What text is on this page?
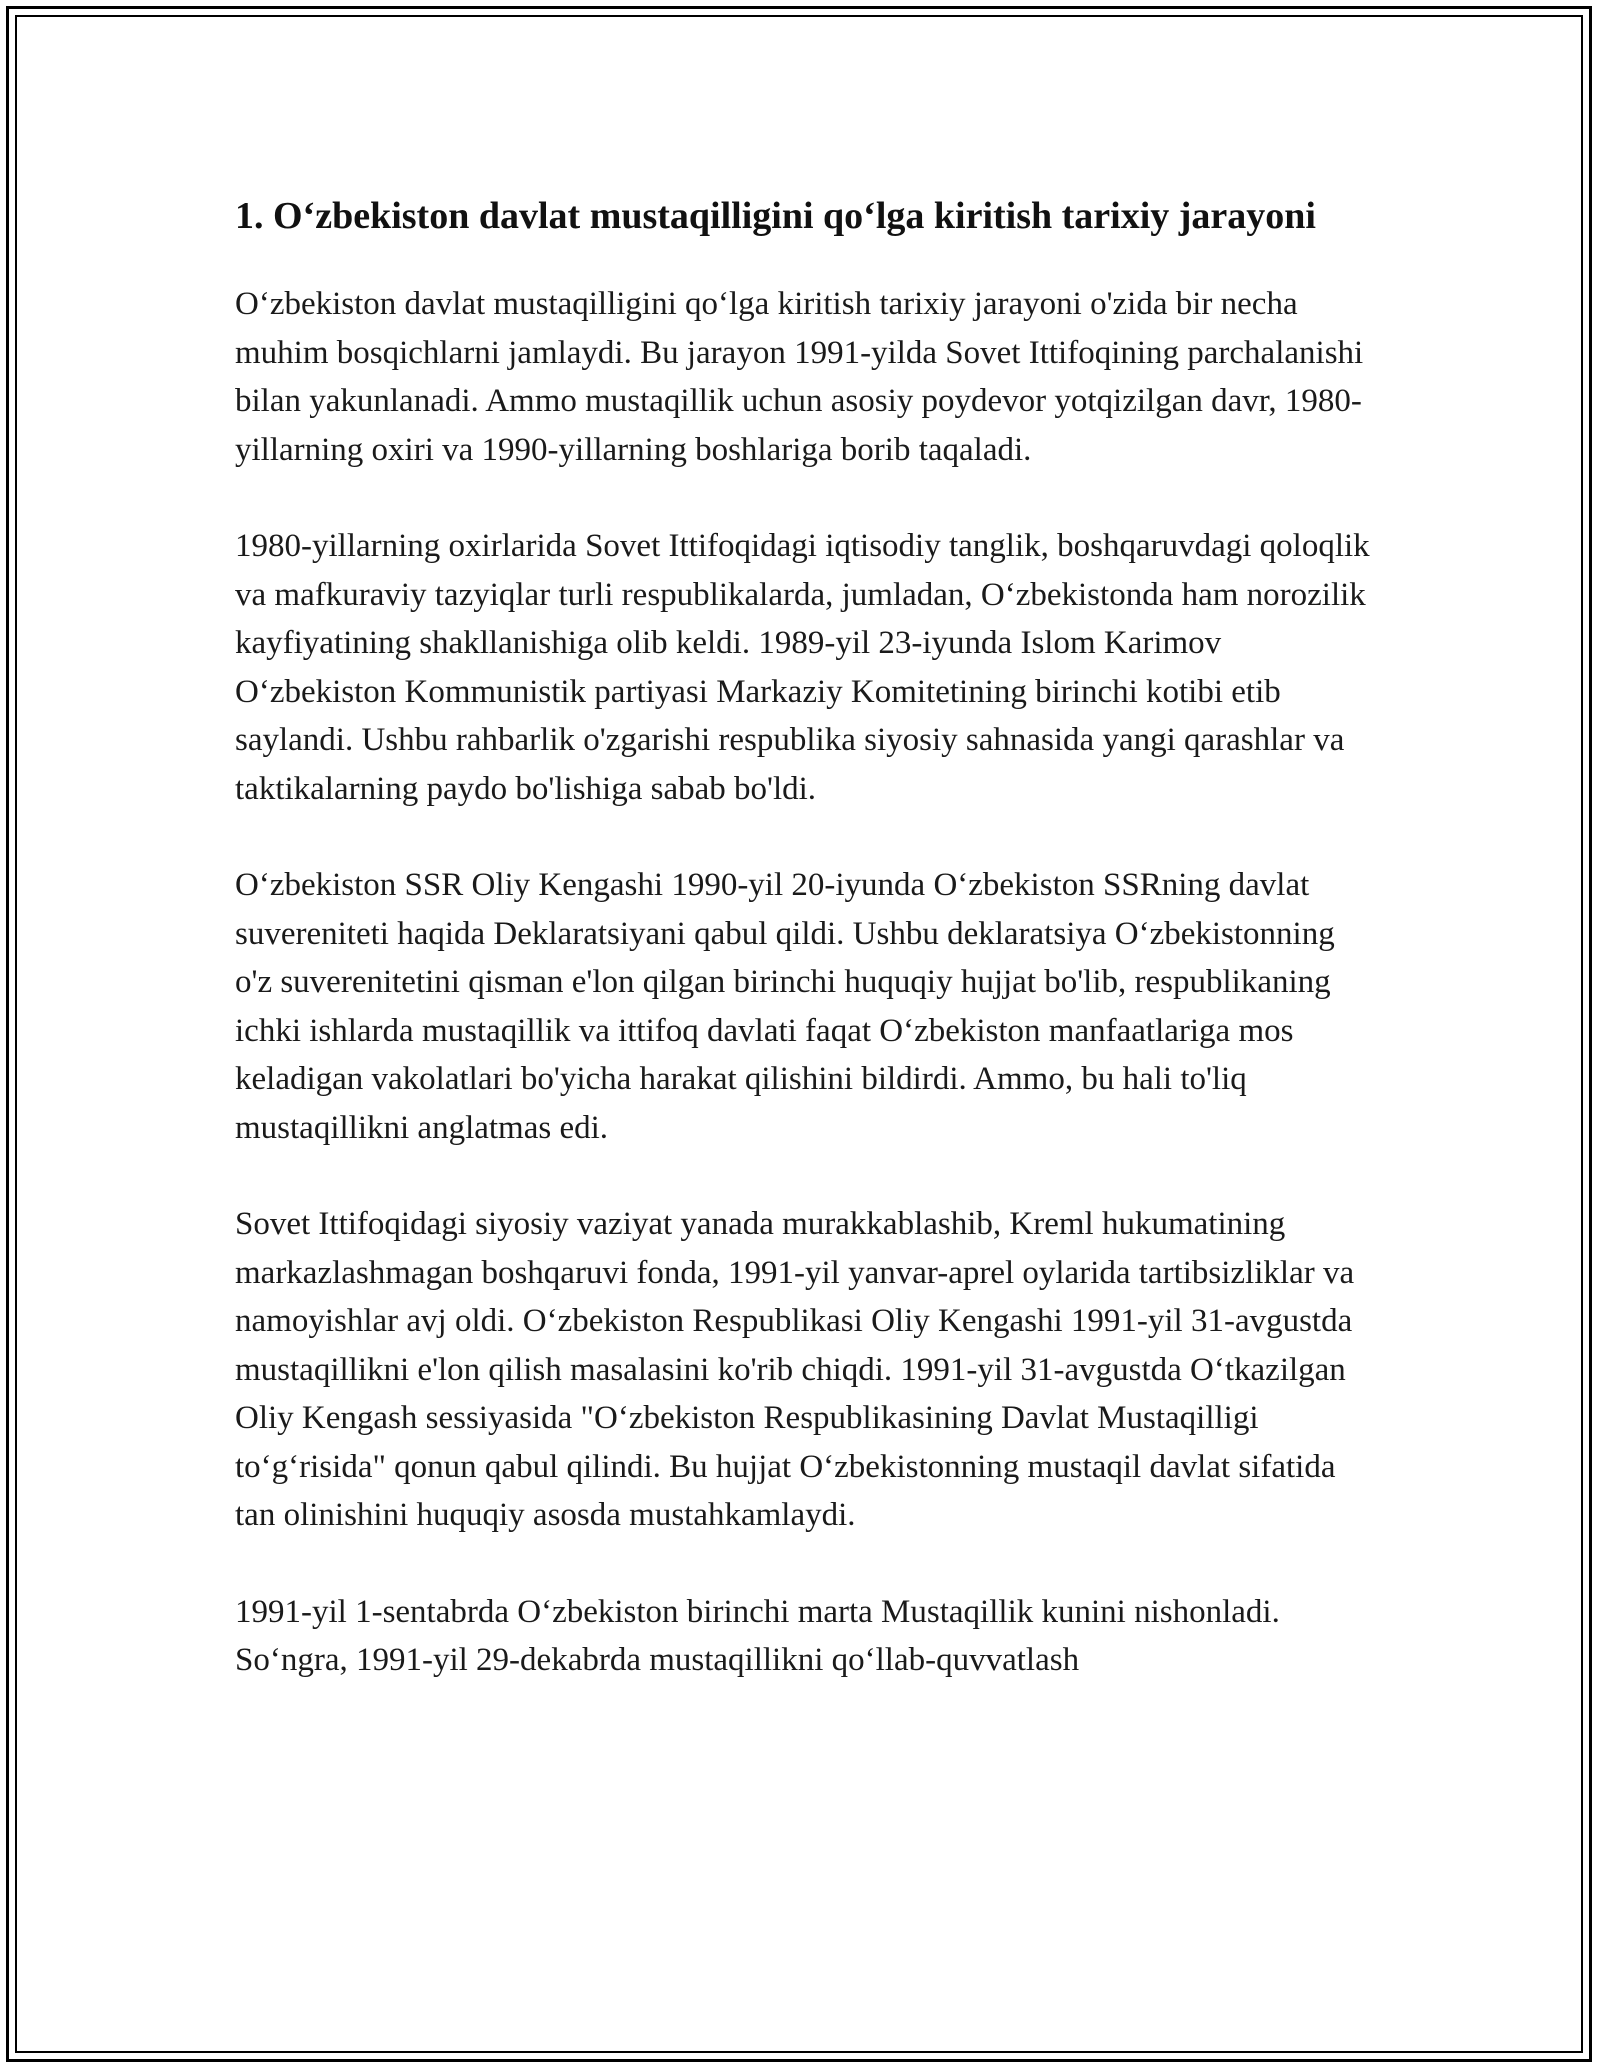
1. O‘zbekiston davlat mustaqilligini qo‘lga kiritish tarixiy jarayoni

O‘zbekiston davlat mustaqilligini qo‘lga kiritish tarixiy jarayoni o'zida bir necha muhim bosqichlarni jamlaydi. Bu jarayon 1991-yilda Sovet Ittifoqining parchalanishi bilan yakunlanadi. Ammo mustaqillik uchun asosiy poydevor yotqizilgan davr, 1980-yillarning oxiri va 1990-yillarning boshlariga borib taqaladi.

1980-yillarning oxirlarida Sovet Ittifoqidagi iqtisodiy tanglik, boshqaruvdagi qoloqlik va mafkuraviy tazyiqlar turli respublikalarda, jumladan, O‘zbekistonda ham norozilik kayfiyatining shakllanishiga olib keldi. 1989-yil 23-iyunda Islom Karimov O‘zbekiston Kommunistik partiyasi Markaziy Komitetining birinchi kotibi etib saylandi. Ushbu rahbarlik o'zgarishi respublika siyosiy sahnasida yangi qarashlar va taktikalarning paydo bo'lishiga sabab bo'ldi.

O‘zbekiston SSR Oliy Kengashi 1990-yil 20-iyunda O‘zbekiston SSRning davlat suvereniteti haqida Deklaratsiyani qabul qildi. Ushbu deklaratsiya O‘zbekistonning o'z suverenitetini qisman e'lon qilgan birinchi huquqiy hujjat bo'lib, respublikaning ichki ishlarda mustaqillik va ittifoq davlati faqat O‘zbekiston manfaatlariga mos keladigan vakolatlari bo'yicha harakat qilishini bildirdi. Ammo, bu hali to'liq mustaqillikni anglatmas edi.

Sovet Ittifoqidagi siyosiy vaziyat yanada murakkablashib, Kreml hukumatining markazlashmagan boshqaruvi fonda, 1991-yil yanvar-aprel oylarida tartibsizliklar va namoyishlar avj oldi. O‘zbekiston Respublikasi Oliy Kengashi 1991-yil 31-avgustda mustaqillikni e'lon qilish masalasini ko'rib chiqdi. 1991-yil 31-avgustda O‘tkazilgan Oliy Kengash sessiyasida "O‘zbekiston Respublikasining Davlat Mustaqilligi to‘g‘risida" qonun qabul qilindi. Bu hujjat O‘zbekistonning mustaqil davlat sifatida tan olinishini huquqiy asosda mustahkamlaydi.

1991-yil 1-sentabrda O‘zbekiston birinchi marta Mustaqillik kunini nishonladi. So‘ngra, 1991-yil 29-dekabrda mustaqillikni qo‘llab-quvvatlash
